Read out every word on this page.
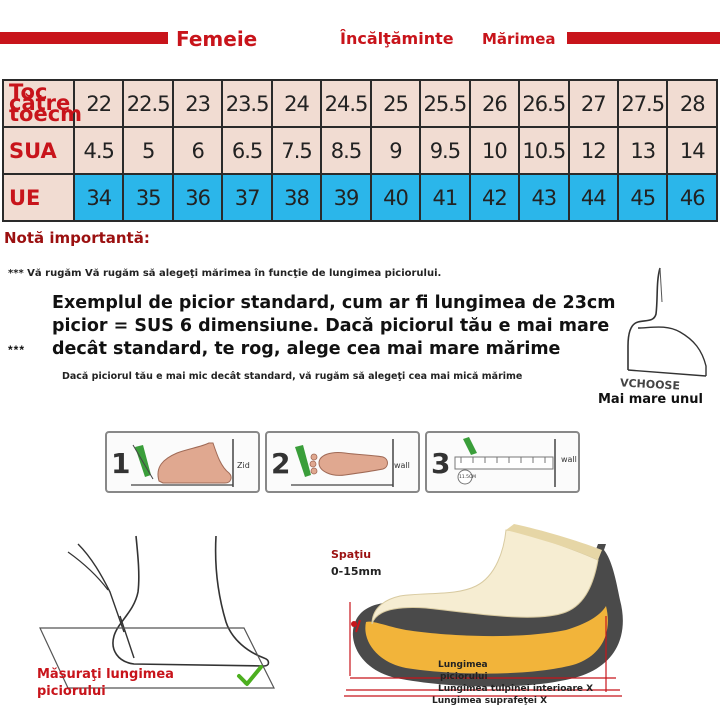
Femeie	Încălţăminte Mărimea
Toc către toecm	22	22.5	23	23.5	24	24.5	25	25.5	26	26.5	27	27.5	28
SUA	4.5	5	6	6.5	7.5	8.5	9	9.5	10	10.5	12	13	14
UE	34	35	36	37	38	39	40	41	42	43	44	45	46
Notă importantă:
*** Vă rugăm Vă rugăm să alegeţi mărimea în funcţie de lungimea piciorului.
Exemplul de picior standard, cum ar fi lungimea de 23cm
picior = SUS 6 dimensiune. Dacă piciorul tău e mai mare
decât standard, te rog, alege cea mai mare mărime
***
Dacă piciorul tău e mai mic decât standard, vă rugăm să alegeţi cea mai mică mărime	VCHOOSE
Mai mare unul
1	Zid 2	wall 3 11.5CM
wall
Măsuraţi lungimea
piciorului
Spaţiu
0-15mm
Lungimea
piciorului
Lungimea tulpinei interioare X
Lungimea suprafeţei X
